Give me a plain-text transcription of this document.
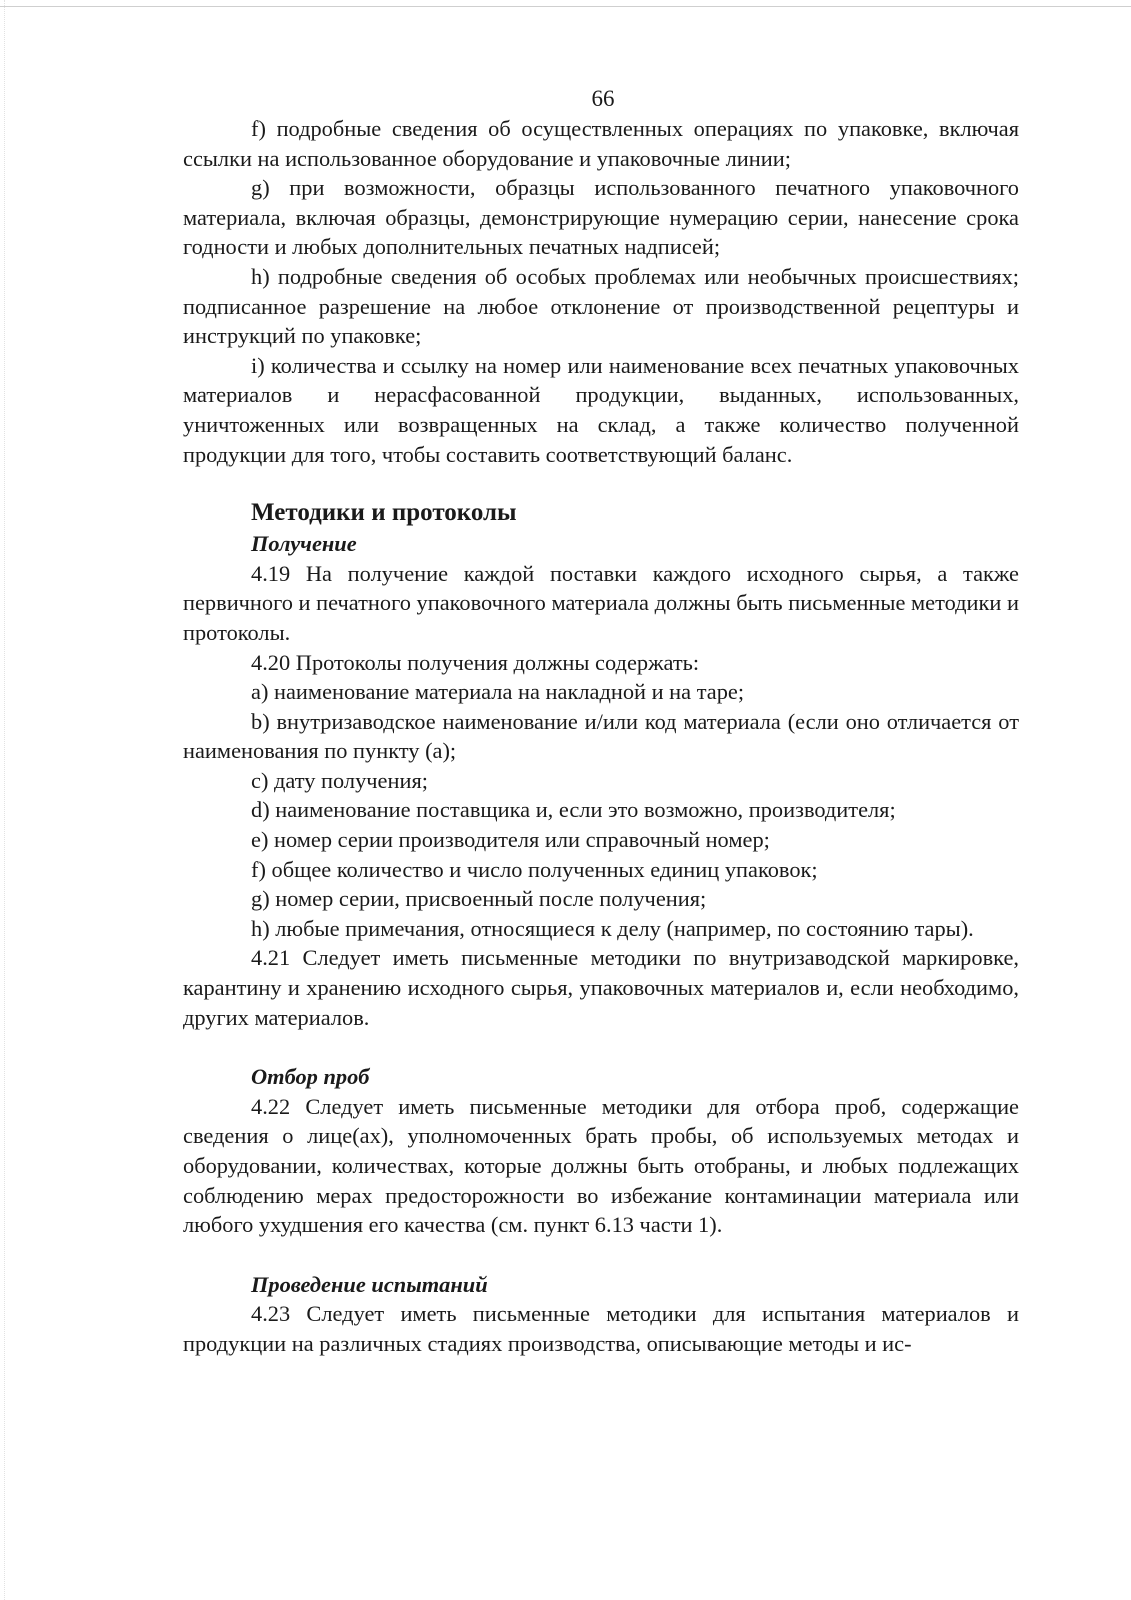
66

f) подробные сведения об осуществленных операциях по упаковке, включая ссылки на использованное оборудование и упаковочные линии;

g) при возможности, образцы использованного печатного упаковочного материала, включая образцы, демонстрирующие нумерацию серии, нанесение срока годности и любых дополнительных печатных надписей;

h) подробные сведения об особых проблемах или необычных происшествиях; подписанное разрешение на любое отклонение от производственной рецептуры и инструкций по упаковке;

i) количества и ссылку на номер или наименование всех печатных упаковочных материалов и нерасфасованной продукции, выданных, использованных, уничтоженных или возвращенных на склад, а также количество полученной продукции для того, чтобы составить соответствующий баланс.

Методики и протоколы
Получение

4.19 На получение каждой поставки каждого исходного сырья, а также первичного и печатного упаковочного материала должны быть письменные методики и протоколы.

4.20 Протоколы получения должны содержать:

a) наименование материала на накладной и на таре;

b) внутризаводское наименование и/или код материала (если оно отличается от наименования по пункту (а);

c) дату получения;

d) наименование поставщика и, если это возможно, производителя;

e) номер серии производителя или справочный номер;

f) общее количество и число полученных единиц упаковок;

g) номер серии, присвоенный после получения;

h) любые примечания, относящиеся к делу (например, по состоянию тары).

4.21 Следует иметь письменные методики по внутризаводской маркировке, карантину и хранению исходного сырья, упаковочных материалов и, если необходимо, других материалов.

Отбор проб

4.22 Следует иметь письменные методики для отбора проб, содержащие сведения о лице(ах), уполномоченных брать пробы, об используемых методах и оборудовании, количествах, которые должны быть отобраны, и любых подлежащих соблюдению мерах предосторожности во избежание контаминации материала или любого ухудшения его качества (см. пункт 6.13 части 1).

Проведение испытаний

4.23 Следует иметь письменные методики для испытания материалов и продукции на различных стадиях производства, описывающие методы и ис-
